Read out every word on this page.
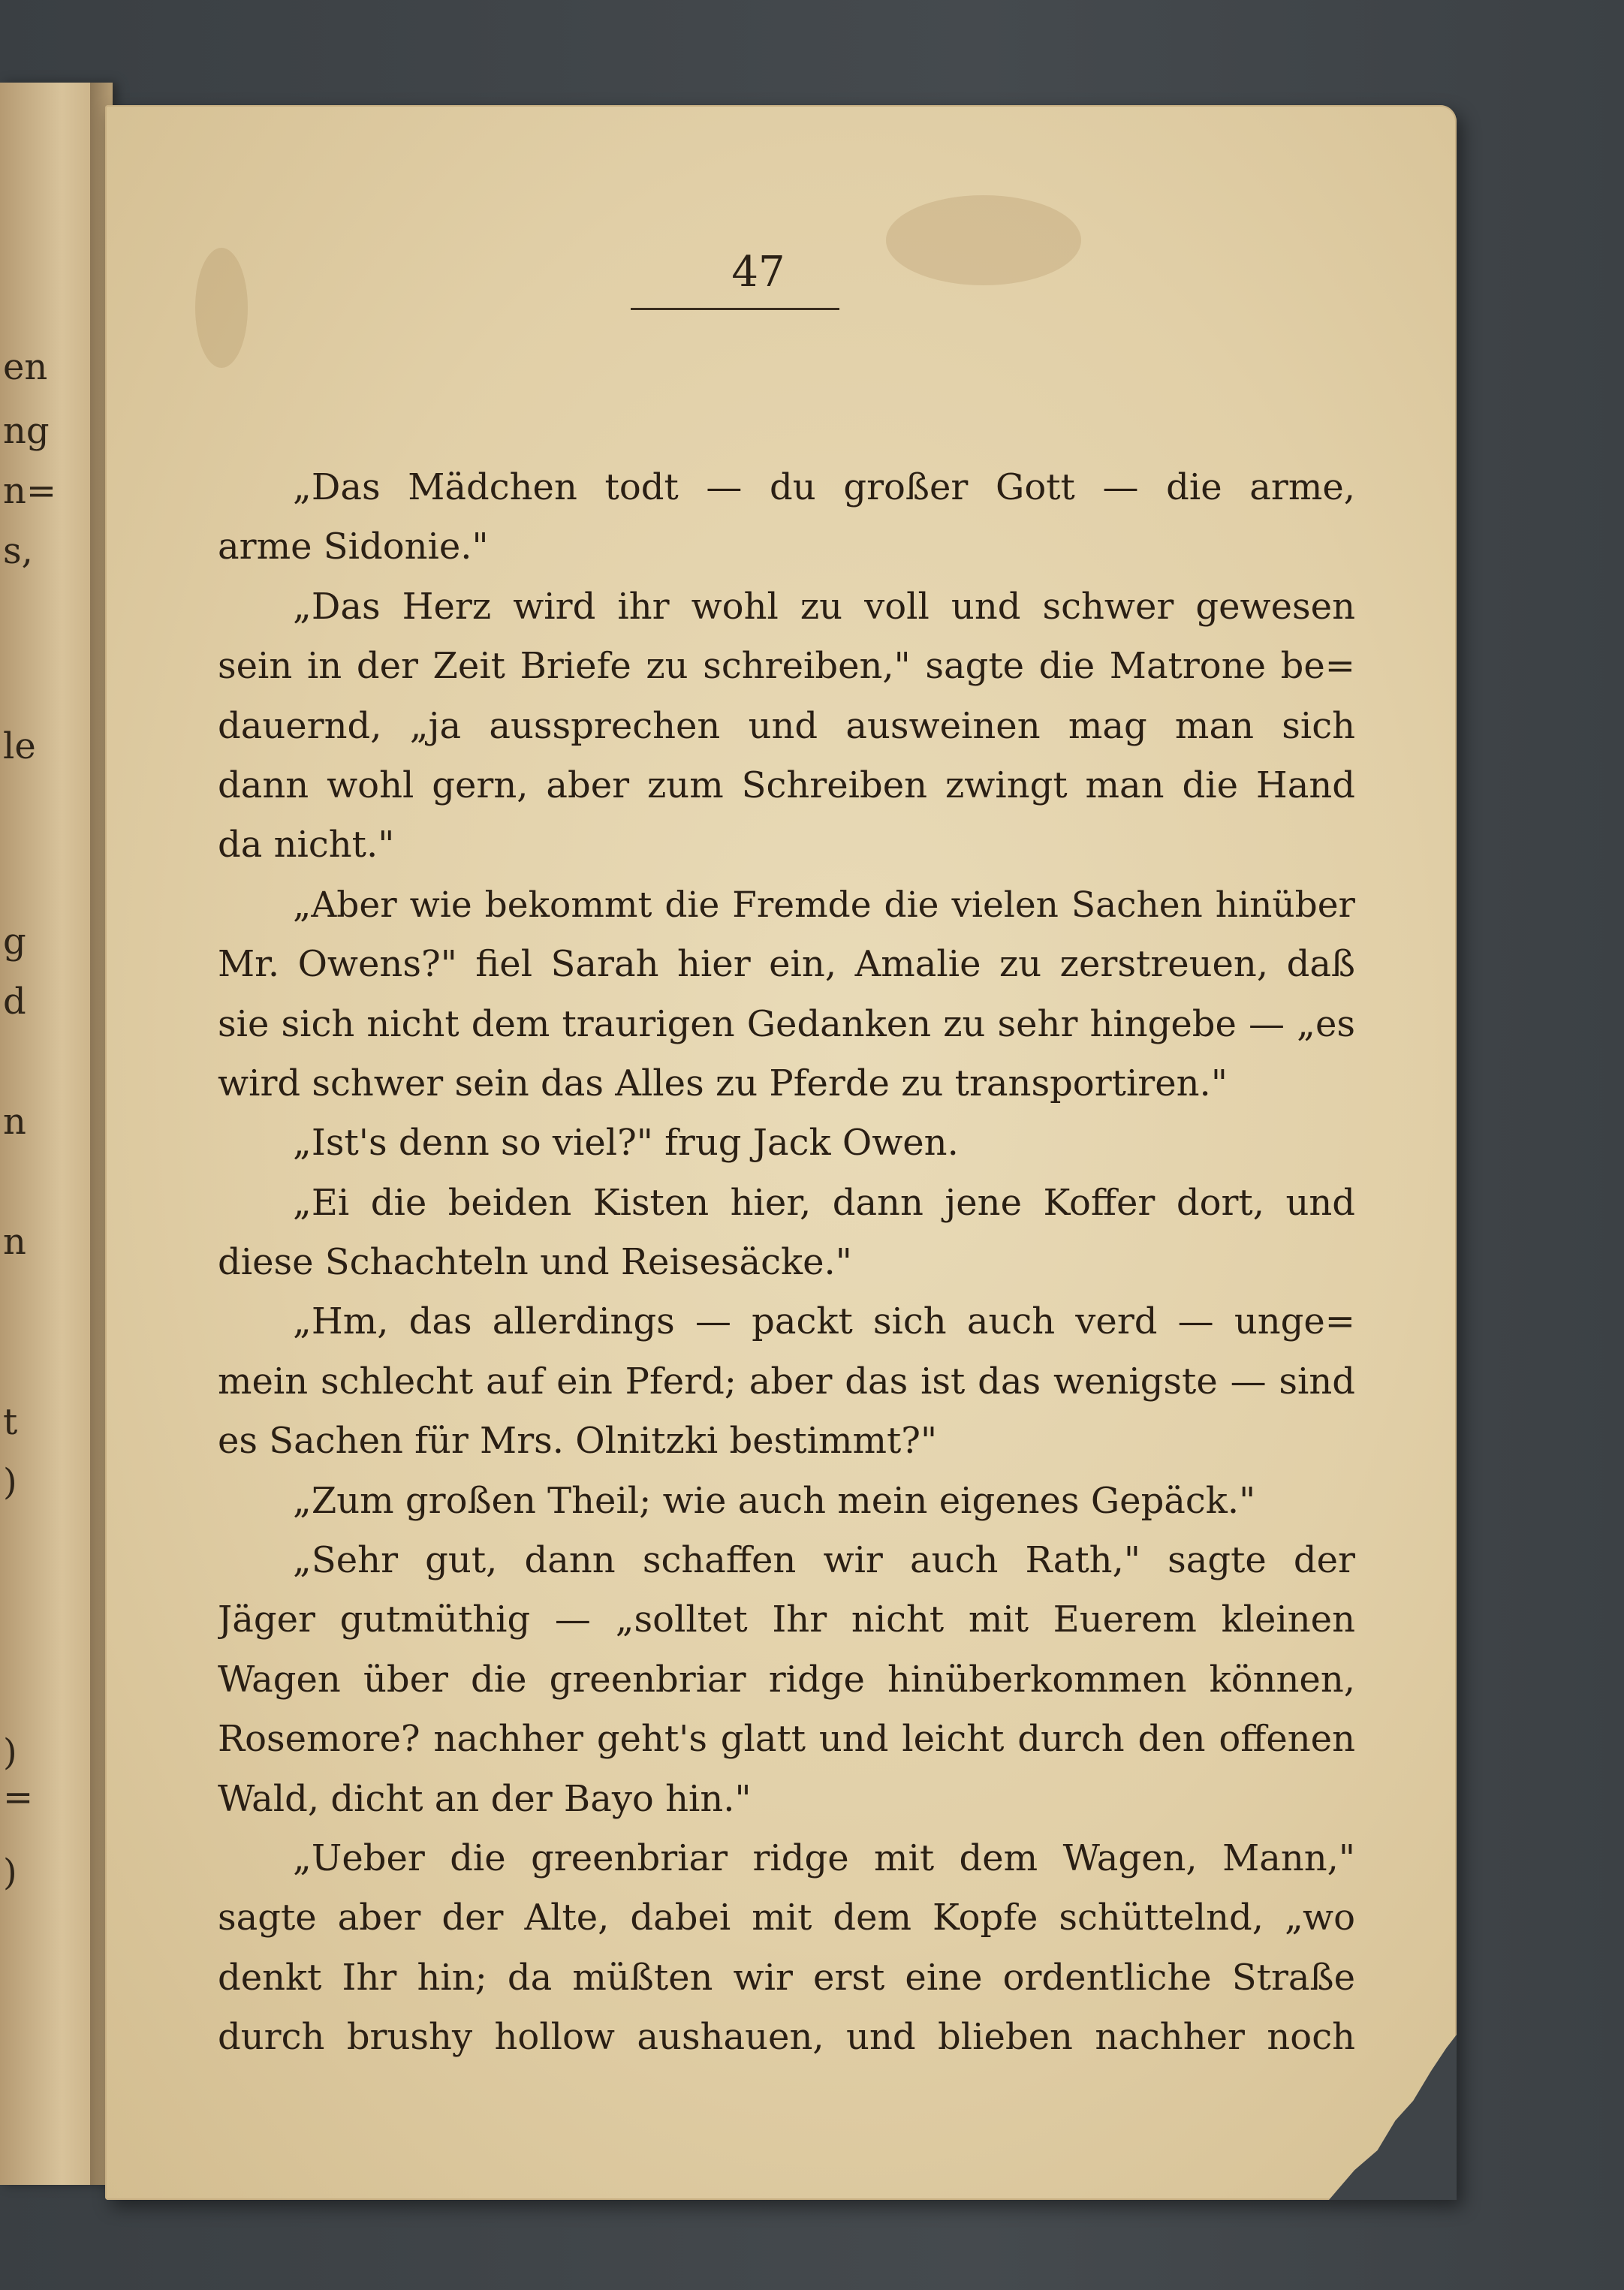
en
ng
n=
s,
le
g
d
n
n
t
)
)
=
)
47
„Das Mädchen todt — du großer Gott — die arme,
arme Sidonie."
„Das Herz wird ihr wohl zu voll und schwer gewesen
sein in der Zeit Briefe zu schreiben," sagte die Matrone be=
dauernd, „ja aussprechen und ausweinen mag man sich
dann wohl gern, aber zum Schreiben zwingt man die Hand
da nicht."
„Aber wie bekommt die Fremde die vielen Sachen hinüber
Mr. Owens?" fiel Sarah hier ein, Amalie zu zerstreuen, daß
sie sich nicht dem traurigen Gedanken zu sehr hingebe — „es
wird schwer sein das Alles zu Pferde zu transportiren."
„Ist's denn so viel?" frug Jack Owen.
„Ei die beiden Kisten hier, dann jene Koffer dort, und
diese Schachteln und Reisesäcke."
„Hm, das allerdings — packt sich auch verd — unge=
mein schlecht auf ein Pferd; aber das ist das wenigste — sind
es Sachen für Mrs. Olnitzki bestimmt?"
„Zum großen Theil; wie auch mein eigenes Gepäck."
„Sehr gut, dann schaffen wir auch Rath," sagte der
Jäger gutmüthig — „solltet Ihr nicht mit Euerem kleinen
Wagen über die greenbriar ridge hinüberkommen können,
Rosemore? nachher geht's glatt und leicht durch den offenen
Wald, dicht an der Bayo hin."
„Ueber die greenbriar ridge mit dem Wagen, Mann,"
sagte aber der Alte, dabei mit dem Kopfe schüttelnd, „wo
denkt Ihr hin; da müßten wir erst eine ordentliche Straße
durch brushy hollow aushauen, und blieben nachher noch
